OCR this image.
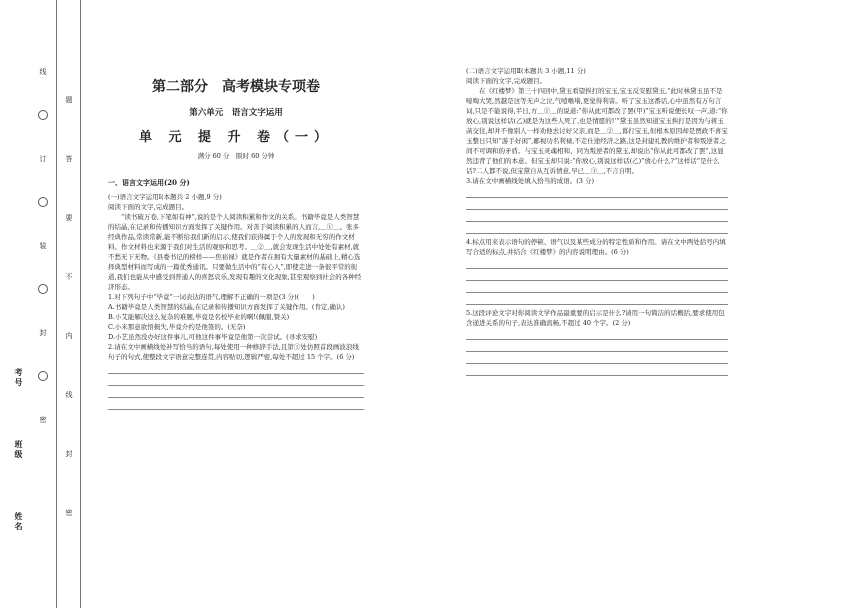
姓名
班级
考号
线
订
装
封
密
题
答
要
不
内
线
封
密
第二部分　高考模块专项卷
第六单元　语言文字运用
单 元 提 升 卷（一）
满分 60 分　限时 60 分钟
一、语言文字运用(20 分)

(一)语言文字运用Ⅰ(本题共 2 小题,9 分)

阅读下面的文字,完成题目。

“读书破万卷,下笔如有神”,说的是个人阅读积累和作文的关系。书籍毕竟是人类智慧的结晶,在记录和传播知识方面发挥了关键作用。对善于阅读积累的人而言,＿①＿。张多经典作品,常读常新,能不断给我们新的启示,使我们获得属于个人的发现和无穷的作文材料。作文材料也来源于我们对生活的观察和思考。＿②＿,就会发现生活中处处有素材,就不愁无下无物。《县委书记的榜样——焦裕禄》就是作者在拥有大量素材的基础上,精心选择典型材料而写成的一篇优秀通讯。只要做生活中的“有心人”,即使走进一条很平常的街道,我们也能从中感受到普通人的喜怒哀乐,发现有趣的文化现象,甚至观察到社会的各种经济形态。

1.对下列句子中“毕竟”一词表达的语气,理解不正确的一项是(3 分)(　　)

A.书籍毕竟是人类智慧的结晶,在记录和传播知识方面发挥了关键作用。(肯定,确认)

B.小艾能解决这么复杂的难题,毕竟是名校毕业的啊!(佩服,赞关)

C.小米那意欲悟损失,毕竟介约是他签的。(无奈)

D.小艺虽然没办好这件事儿,可他这件事毕竟是他第一次尝试。(寻求安慰)

2.请在文中画横线处补写恰当的语句,每处使用一种修辞手法,且第①处仿照首段画波浪线句子的句式,使整段文字语意完整连贯,内容贴切,逻辑严密,每处不超过 15 个字。(6 分)

(二)语言文字运用Ⅱ(本题共 3 小题,11 分)

阅读下面的文字,完成题目。

在《红楼梦》第三十四回中,黛玉看望挨打的宝玉,宝玉反安慰黛玉,“此时林黛玉虽不是嚎啕大哭,然越是这等无声之泣,气噎喉堵,更觉得利害。听了宝玉这番话,心中虽然有万句言词,只是不能说得,半日,方＿①＿的说道:“你从此可都改了罢(甲)”宝玉听说便长叹一声,道:“你放心,别说这样话(乙)就是为这些人死了,也是情愿的!’”黛玉虽然知道宝玉挨打是因为与蒋玉菡交往,却并不像别人一样劝他去讨好父亲,而是＿②＿,暮打宝玉,但根本原因却是贾政不喜宝玉整日只知“游手好闲”,鄙视功名利禄,不走仕途经济之路,这是封建礼教的维护者和叛逆者之间不可调和的矛盾。与宝玉灵魂相和、同为叛逆者的黛玉,却说出“你从此可都改了罢”,这显然违背了他们的本意。但宝玉却只说:“你放心,别说这样话(乙)”放心什么?“这样话”是什么话?二人都不说,但宝黛自从互诉情意,早已＿③＿,不言自明。

3.请在文中画横线处填入恰当的成语。(3 分)

4.标点用来表示语句的停顿、语气以及某些成分的特定性质和作用。请在文中两处括号内填写合适的标点,并结合《红楼梦》的内容说明理由。(6 分)

5.这段评论文字对你阅读文学作品最重要的启示是什么?请用一句简洁的话概括,要求使用包含递进关系的句子,表达准确流畅,不超过 40 个字。(2 分)
